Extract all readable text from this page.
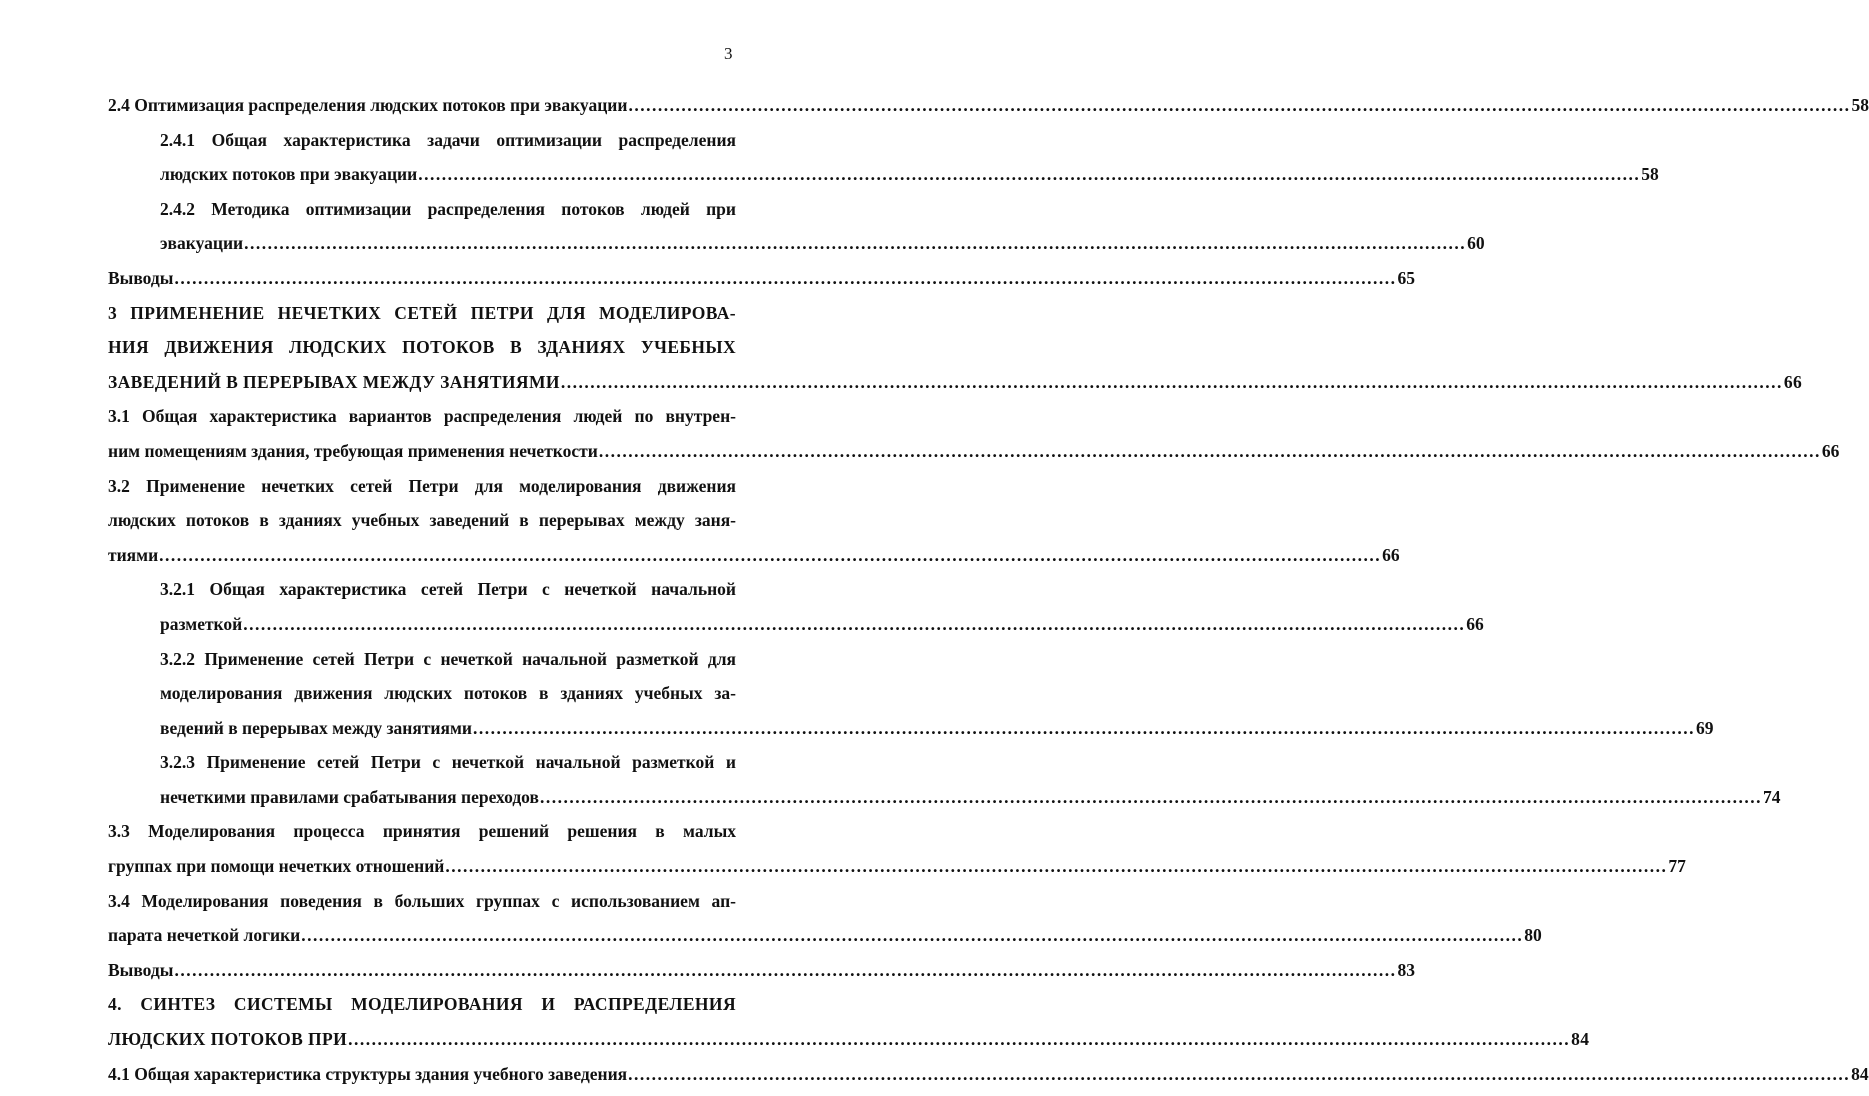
3
2.4 Оптимизация распределения людских потоков при эвакуации ................................................................................................................................................................................................................ 58
2.4.1 Общая характеристика задачи оптимизации распределения
людских потоков при эвакуации ................................................................................................................................................................................................................ 58
2.4.2 Методика оптимизации распределения потоков людей при
эвакуации ................................................................................................................................................................................................................ 60
Выводы ................................................................................................................................................................................................................ 65
3 ПРИМЕНЕНИЕ НЕЧЕТКИХ СЕТЕЙ ПЕТРИ ДЛЯ МОДЕЛИРОВА-
НИЯ ДВИЖЕНИЯ ЛЮДСКИХ ПОТОКОВ В ЗДАНИЯХ УЧЕБНЫХ
ЗАВЕДЕНИЙ В ПЕРЕРЫВАХ МЕЖДУ ЗАНЯТИЯМИ ................................................................................................................................................................................................................ 66
3.1 Общая характеристика вариантов распределения людей по внутрен-
ним помещениям здания, требующая применения нечеткости ................................................................................................................................................................................................................ 66
3.2 Применение нечетких сетей Петри для моделирования движения
людских потоков в зданиях учебных заведений в перерывах между заня-
тиями ................................................................................................................................................................................................................ 66
3.2.1 Общая характеристика сетей Петри с нечеткой начальной
разметкой ................................................................................................................................................................................................................ 66
3.2.2 Применение сетей Петри с нечеткой начальной разметкой для
моделирования движения людских потоков в зданиях учебных за-
ведений в перерывах между занятиями ................................................................................................................................................................................................................ 69
3.2.3 Применение сетей Петри с нечеткой начальной разметкой и
нечеткими правилами срабатывания переходов ................................................................................................................................................................................................................ 74
3.3 Моделирования процесса принятия решений решения в малых
группах при помощи нечетких отношений ................................................................................................................................................................................................................ 77
3.4 Моделирования поведения в больших группах с использованием ап-
парата нечеткой логики ................................................................................................................................................................................................................ 80
Выводы ................................................................................................................................................................................................................ 83
4. СИНТЕЗ СИСТЕМЫ МОДЕЛИРОВАНИЯ И РАСПРЕДЕЛЕНИЯ
ЛЮДСКИХ ПОТОКОВ ПРИ ................................................................................................................................................................................................................ 84
4.1 Общая характеристика структуры здания учебного заведения ................................................................................................................................................................................................................ 84
